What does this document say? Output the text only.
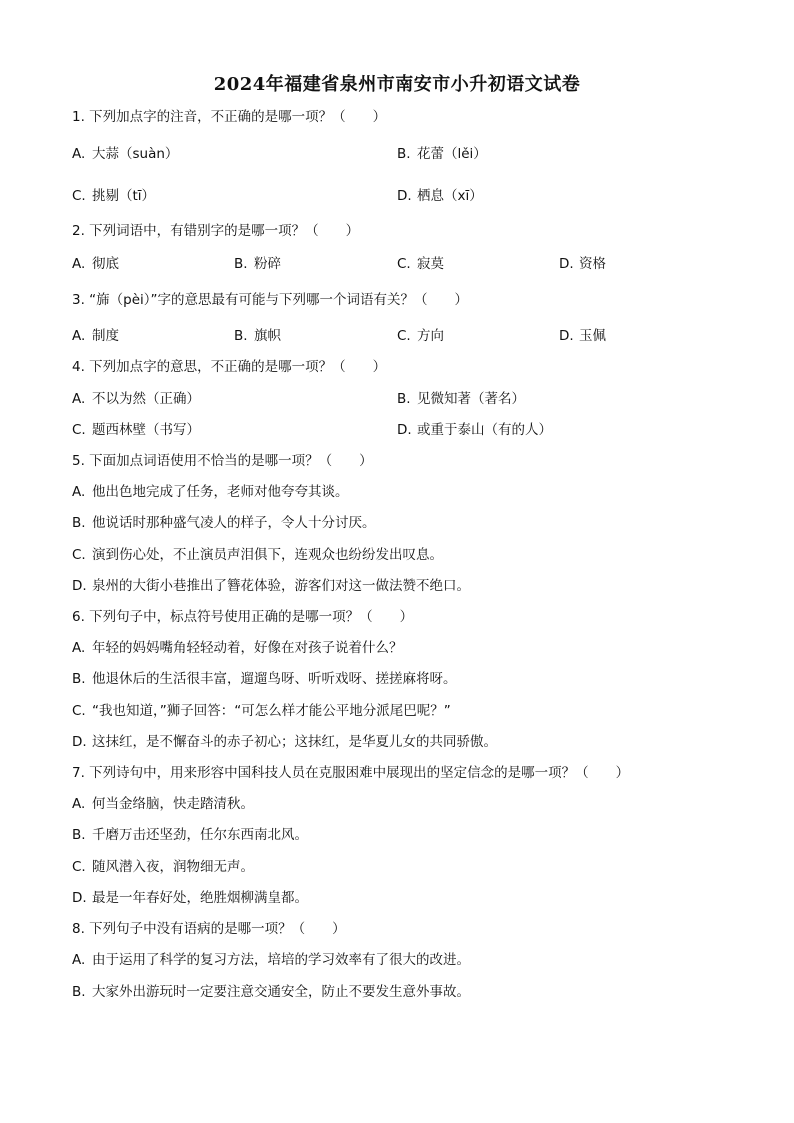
2024年福建省泉州市南安市小升初语文试卷
1. 下列加点字的注音，不正确的是哪一项？（　　）
A. 大蒜（suàn）	B. 花蕾（lěi）
C. 挑剔（tī）	D. 栖息（xī）
2. 下列词语中，有错别字的是哪一项？（　　）
A. 彻底	B. 粉碎	C. 寂莫	D. 资格
3. “旆（pèi）”字的意思最有可能与下列哪一个词语有关？（　　）
A. 制度	B. 旗帜	C. 方向	D. 玉佩
4. 下列加点字的意思，不正确的是哪一项？（　　）
A. 不以为然（正确）	B. 见微知著（著名）
C. 题西林壁（书写）	D. 或重于泰山（有的人）
5. 下面加点词语使用不恰当的是哪一项？（　　）
A. 他出色地完成了任务，老师对他夸夸其谈。
B. 他说话时那种盛气凌人的样子，令人十分讨厌。
C. 演到伤心处，不止演员声泪俱下，连观众也纷纷发出叹息。
D. 泉州的大街小巷推出了簪花体验，游客们对这一做法赞不绝口。
6. 下列句子中，标点符号使用正确的是哪一项？（　　）
A. 年轻的妈妈嘴角轻轻动着，好像在对孩子说着什么？
B. 他退休后的生活很丰富，遛遛鸟呀、听听戏呀、搓搓麻将呀。
C. “我也知道，”狮子回答：“可怎么样才能公平地分派尾巴呢？”
D. 这抹红，是不懈奋斗的赤子初心；这抹红，是华夏儿女的共同骄傲。
7. 下列诗句中，用来形容中国科技人员在克服困难中展现出的坚定信念的是哪一项？（　　）
A. 何当金络脑，快走踏清秋。
B. 千磨万击还坚劲，任尔东西南北风。
C. 随风潜入夜，润物细无声。
D. 最是一年春好处，绝胜烟柳满皇都。
8. 下列句子中没有语病的是哪一项？（　　）
A. 由于运用了科学的复习方法，培培的学习效率有了很大的改进。
B. 大家外出游玩时一定要注意交通安全，防止不要发生意外事故。
